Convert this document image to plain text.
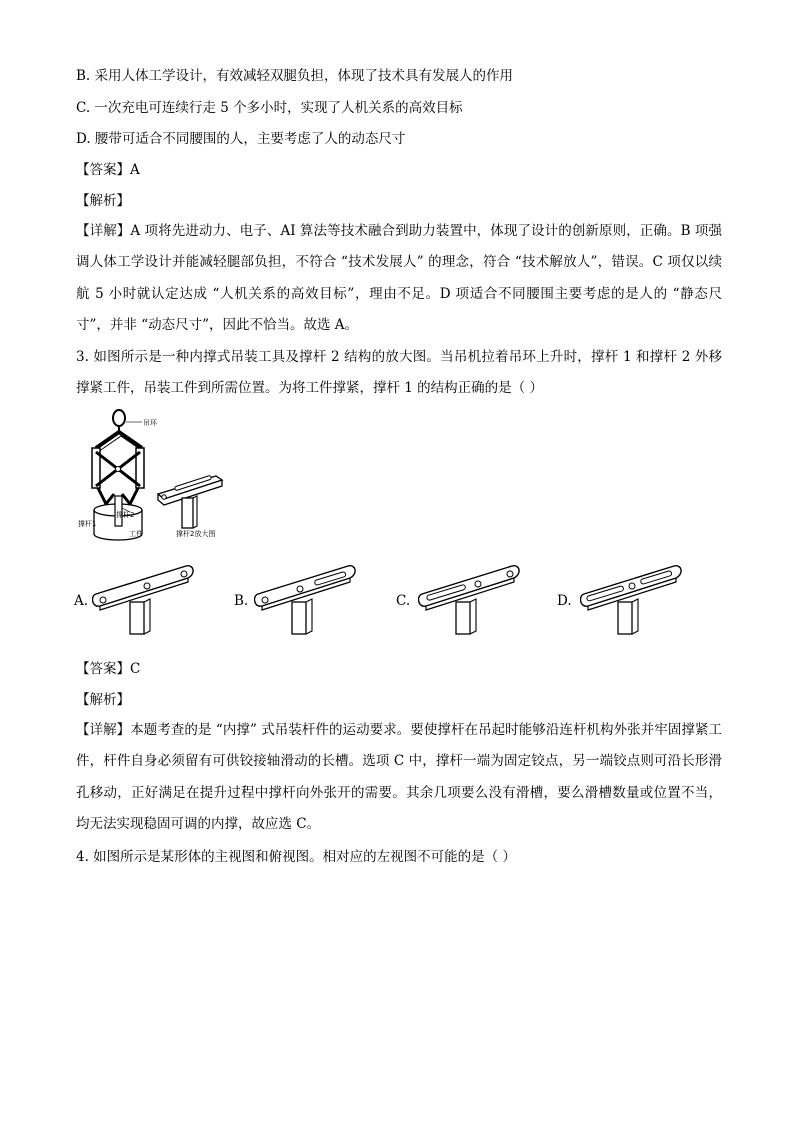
B. 采用人体工学设计，有效减轻双腿负担，体现了技术具有发展人的作用
C. 一次充电可连续行走 5 个多小时，实现了人机关系的高效目标
D. 腰带可适合不同腰围的人，主要考虑了人的动态尺寸
【答案】A
【解析】
【详解】A 项将先进动力、电子、AI 算法等技术融合到助力装置中，体现了设计的创新原则，正确。B 项强调人体工学设计并能减轻腿部负担，不符合 “技术发展人” 的理念，符合 “技术解放人”，错误。C 项仅以续航 5 小时就认定达成 “人机关系的高效目标”，理由不足。D 项适合不同腰围主要考虑的是人的 “静态尺寸”，并非 “动态尺寸”，因此不恰当。故选 A。
3. 如图所示是一种内撑式吊装工具及撑杆 2 结构的放大图。当吊机拉着吊环上升时，撑杆 1 和撑杆 2 外移撑紧工件，吊装工件到所需位置。为将工件撑紧，撑杆 1 的结构正确的是（ ）
吊环
撑杆2
撑杆1
工件	撑杆2放大图
A.	B.	C.	D.
【答案】C
【解析】
【详解】本题考查的是 “内撑” 式吊装杆件的运动要求。要使撑杆在吊起时能够沿连杆机构外张并牢固撑紧工件，杆件自身必须留有可供铰接轴滑动的长槽。选项 C 中，撑杆一端为固定铰点，另一端铰点则可沿长形滑孔移动，正好满足在提升过程中撑杆向外张开的需要。其余几项要么没有滑槽，要么滑槽数量或位置不当，均无法实现稳固可调的内撑，故应选 C。
4. 如图所示是某形体的主视图和俯视图。相对应的左视图不可能的是（ ）
